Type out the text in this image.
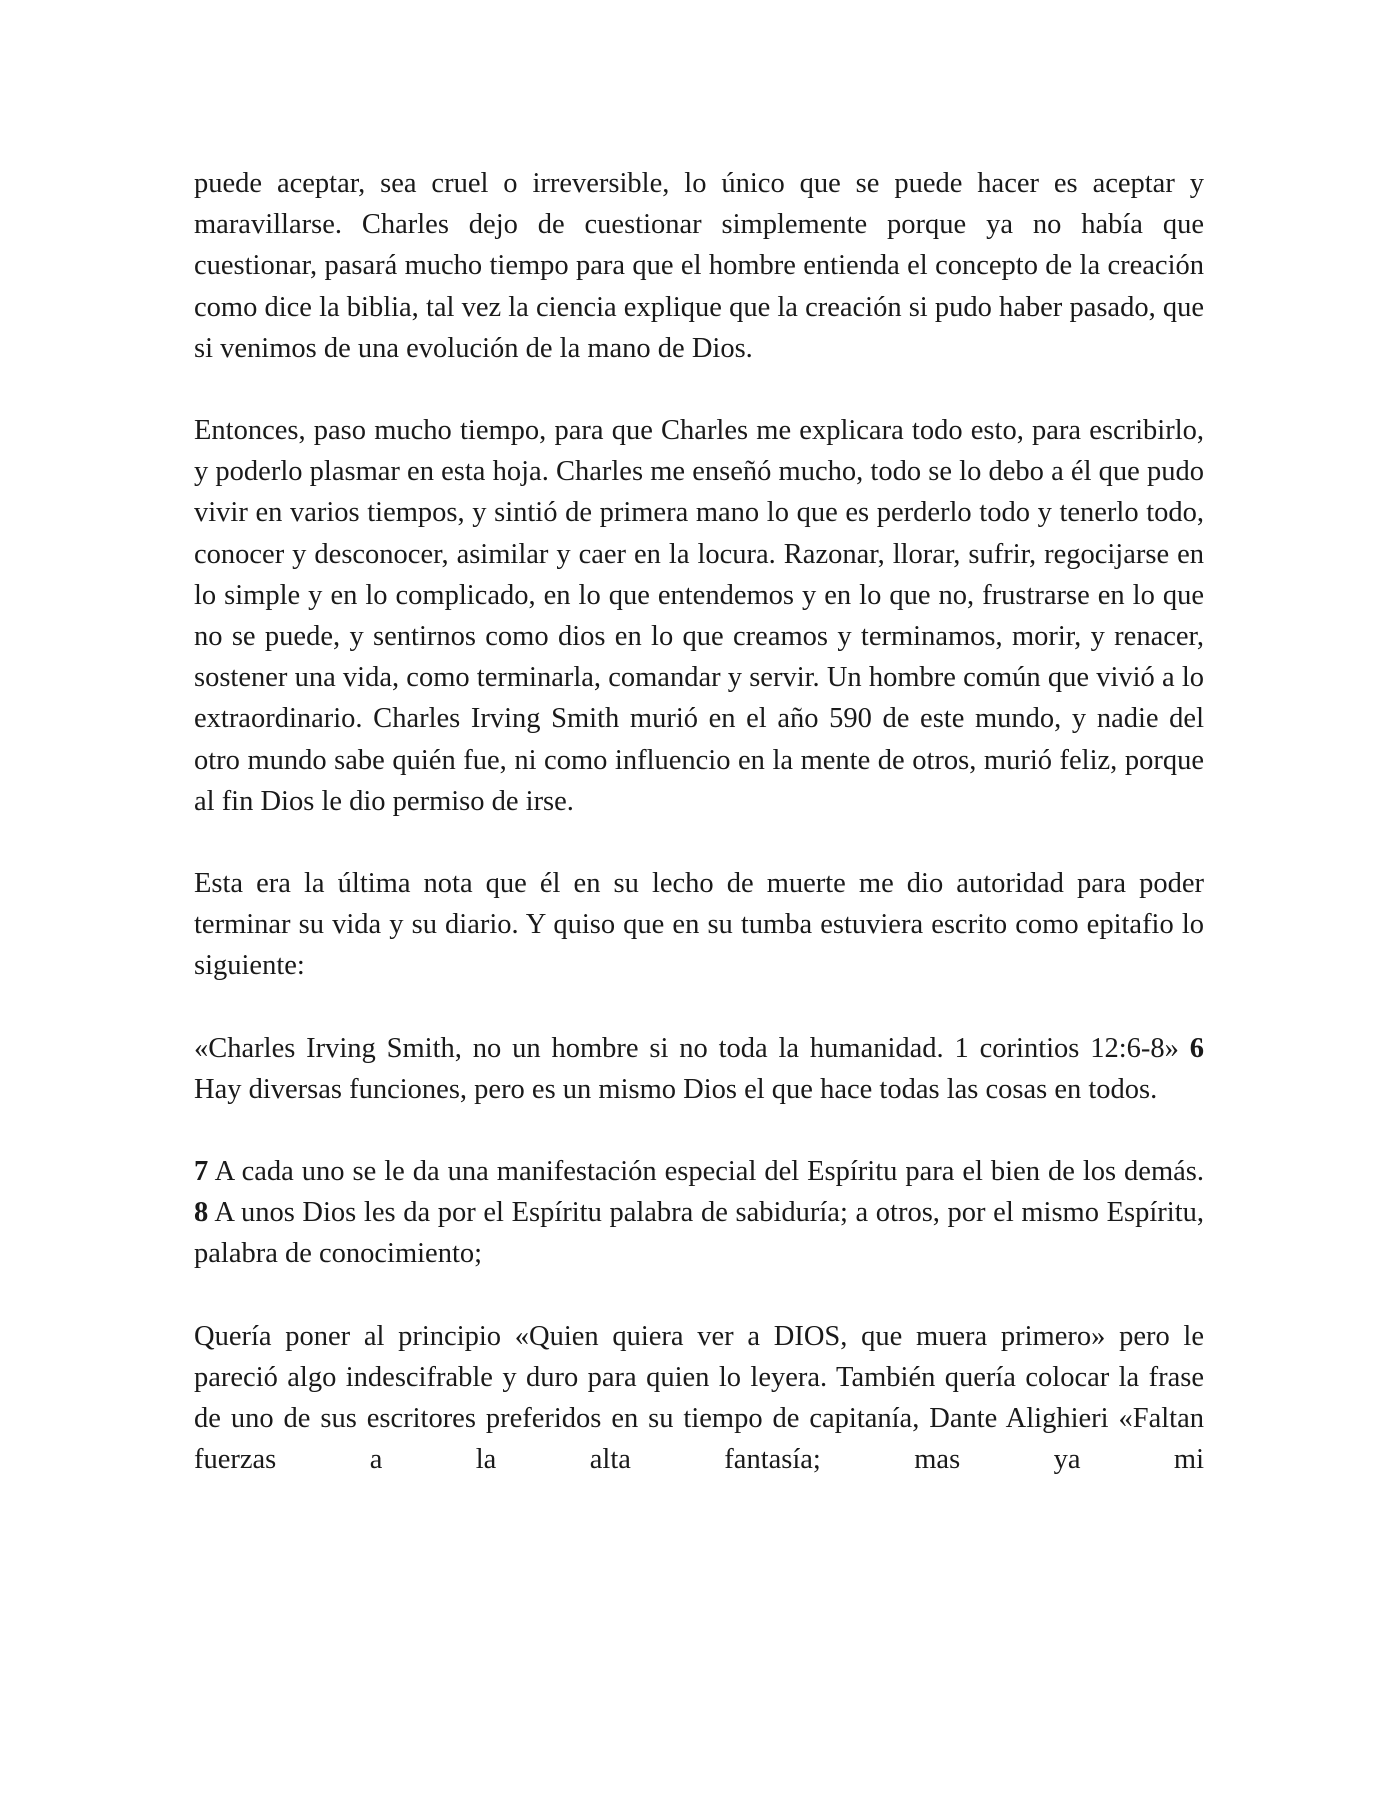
puede aceptar, sea cruel o irreversible, lo único que se puede hacer es aceptar y maravillarse. Charles dejo de cuestionar simplemente porque ya no había que cuestionar, pasará mucho tiempo para que el hombre entienda el concepto de la creación como dice la biblia, tal vez la ciencia explique que la creación si pudo haber pasado, que si venimos de una evolución de la mano de Dios.

Entonces, paso mucho tiempo, para que Charles me explicara todo esto, para escribirlo, y poderlo plasmar en esta hoja. Charles me enseñó mucho, todo se lo debo a él que pudo vivir en varios tiempos, y sintió de primera mano lo que es perderlo todo y tenerlo todo, conocer y desconocer, asimilar y caer en la locura. Razonar, llorar, sufrir, regocijarse en lo simple y en lo complicado, en lo que entendemos y en lo que no, frustrarse en lo que no se puede, y sentirnos como dios en lo que creamos y terminamos, morir, y renacer, sostener una vida, como terminarla, comandar y servir. Un hombre común que vivió a lo extraordinario. Charles Irving Smith murió en el año 590 de este mundo, y nadie del otro mundo sabe quién fue, ni como influencio en la mente de otros, murió feliz, porque al fin Dios le dio permiso de irse.

Esta era la última nota que él en su lecho de muerte me dio autoridad para poder terminar su vida y su diario. Y quiso que en su tumba estuviera escrito como epitafio lo siguiente:

«Charles Irving Smith, no un hombre si no toda la humanidad. 1 corintios 12:6-8» 6 Hay diversas funciones, pero es un mismo Dios el que hace todas las cosas en todos.

7 A cada uno se le da una manifestación especial del Espíritu para el bien de los demás. 8 A unos Dios les da por el Espíritu palabra de sabiduría; a otros, por el mismo Espíritu, palabra de conocimiento;

Quería poner al principio «Quien quiera ver a DIOS, que muera primero» pero le pareció algo indescifrable y duro para quien lo leyera. También quería colocar la frase de uno de sus escritores preferidos en su tiempo de capitanía, Dante Alighieri «Faltan fuerzas a la alta fantasía; mas ya mi
